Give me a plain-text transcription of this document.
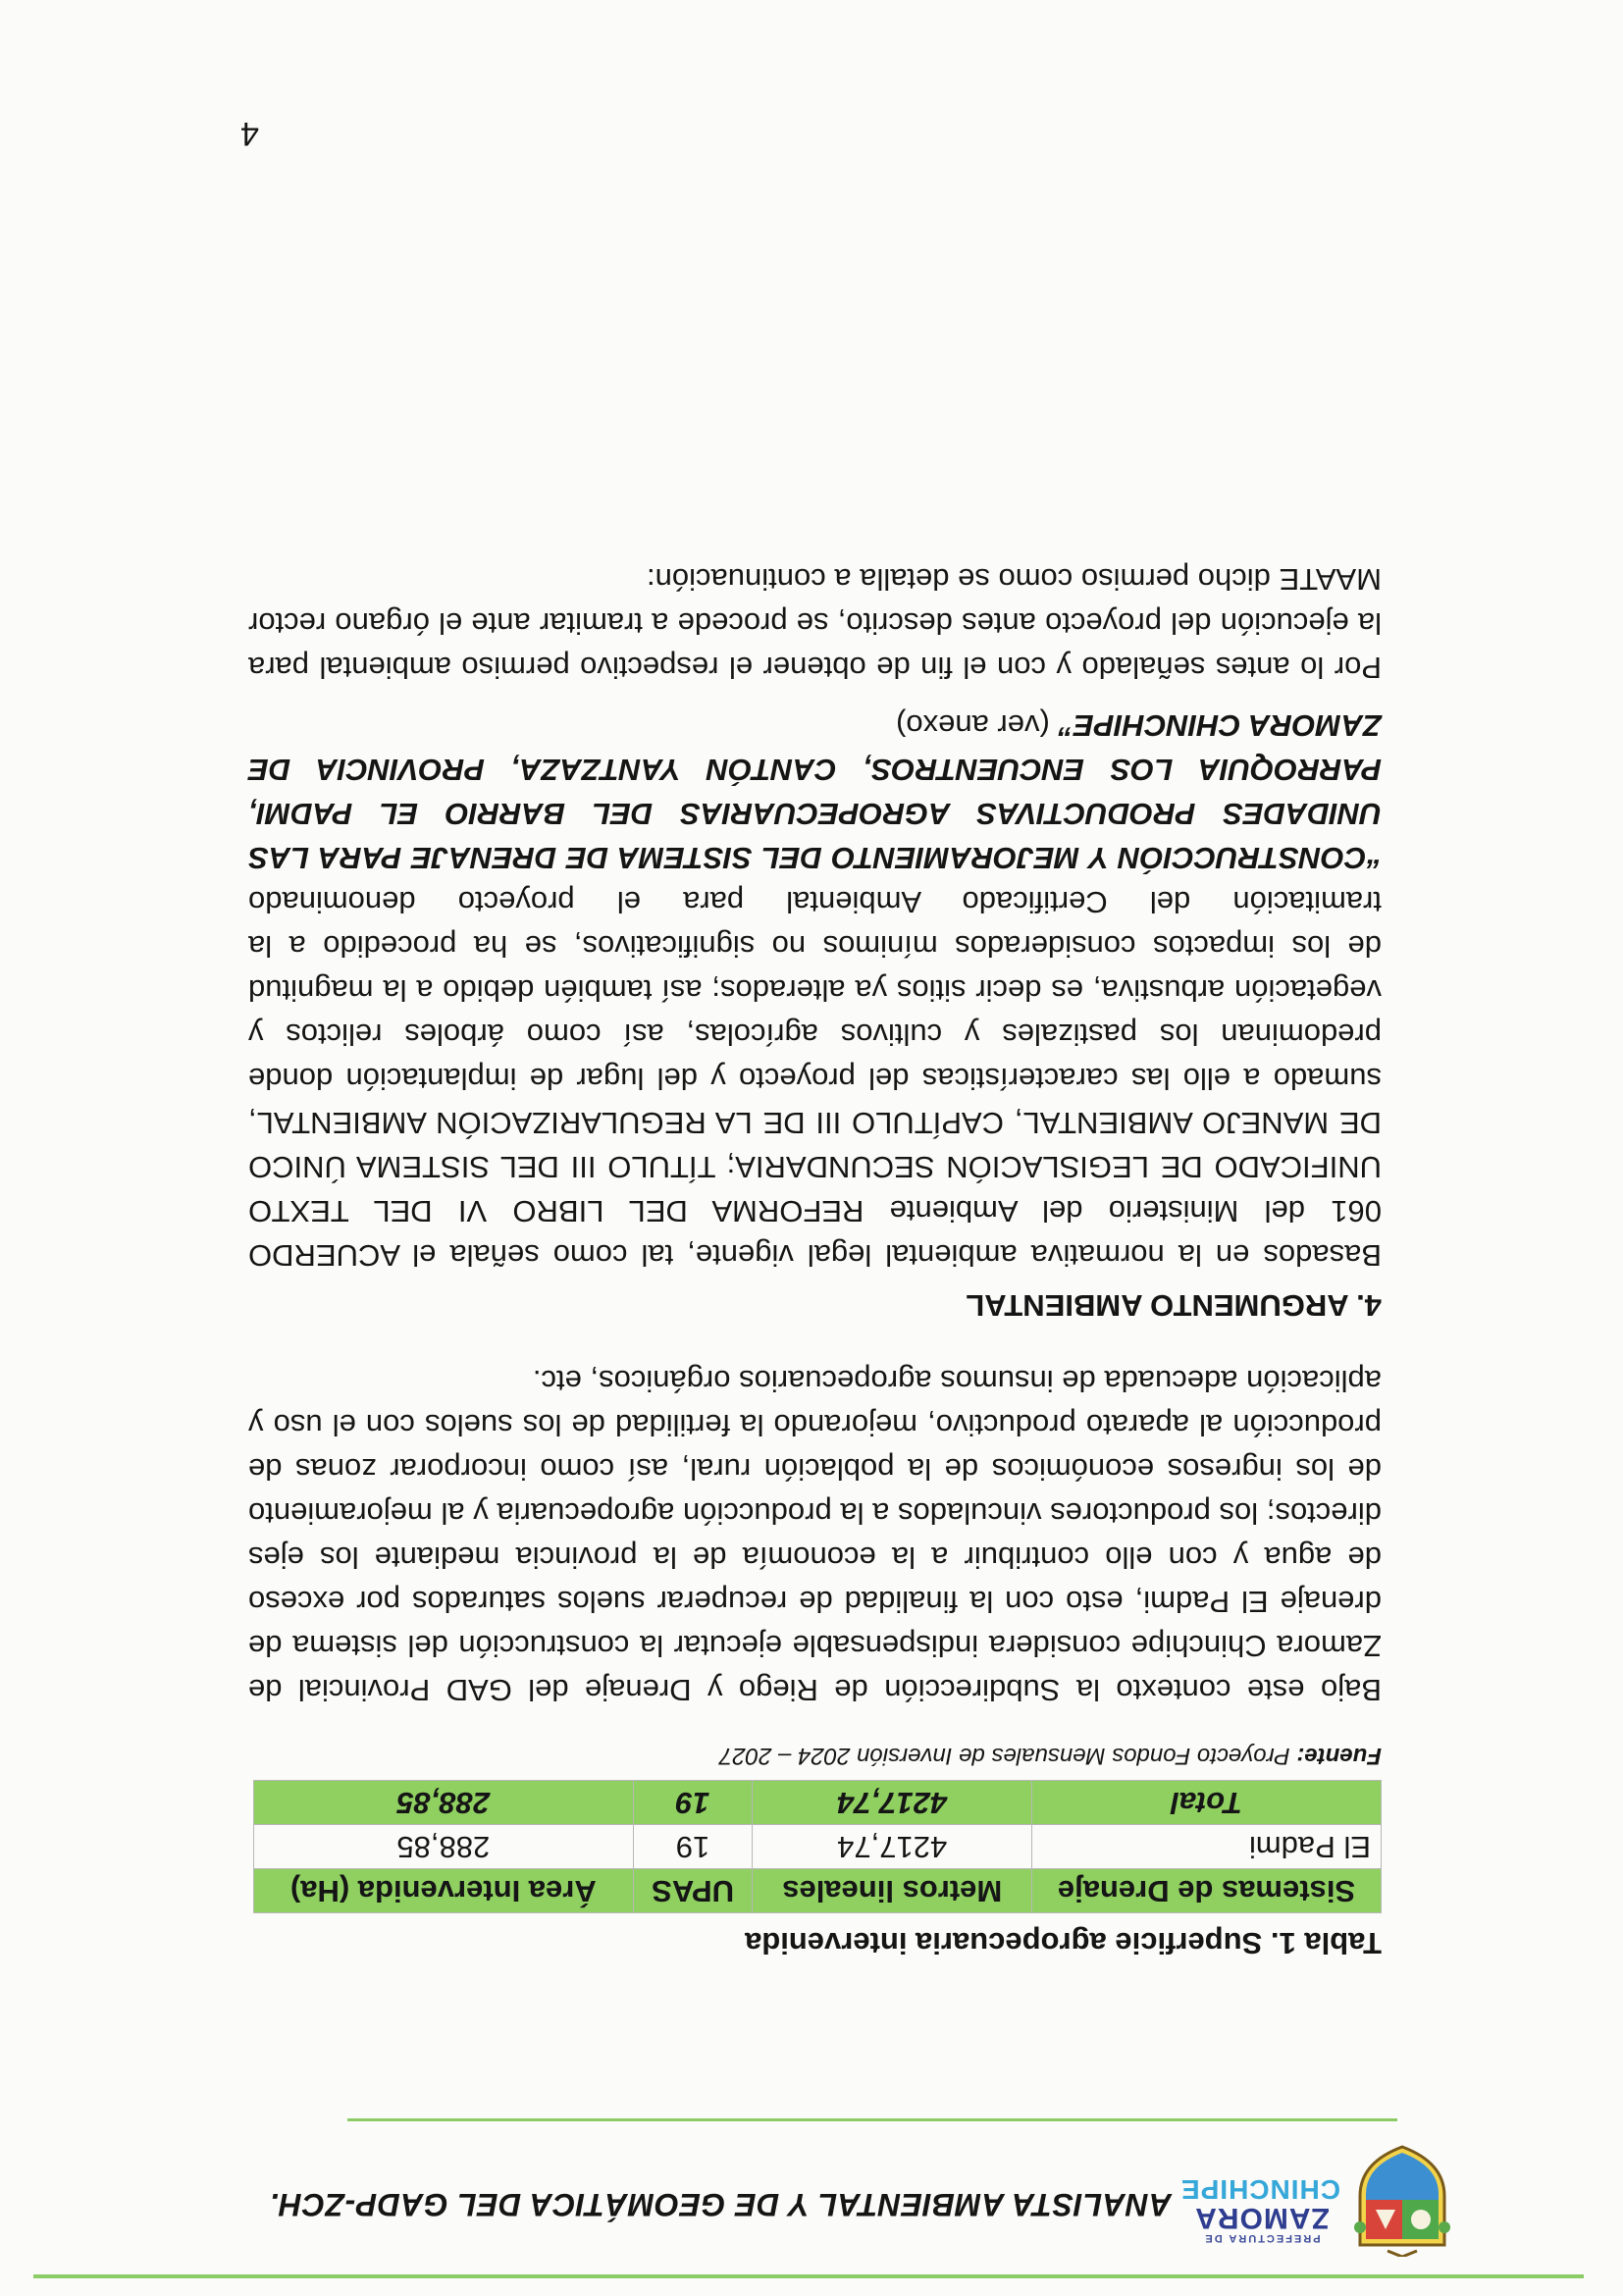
PREFECTURA DE
ZAMORA
CHINCHIPE
ANALISTA AMBIENTAL Y DE GEOMÁTICA DEL GADP-ZCH.
Tabla 1. Superficie agropecuaria intervenida
Sistemas de Drenaje	Metros lineales	UPAS	Área Intervenida (Ha)
El Padmi	4217,74	19	288,85
Total	4217,74	19	288,85
Fuente: Proyecto Fondos Mensuales de Inversión 2024 – 2027

Bajo este contexto la Subdirección de Riego y Drenaje del GAD Provincial de Zamora Chinchipe considera indispensable ejecutar la construcción del sistema de drenaje El Padmi, esto con la finalidad de recuperar suelos saturados por exceso de agua y con ello contribuir a la economía de la provincia mediante los ejes directos; los productores vinculados a la producción agropecuaria y al mejoramiento de los ingresos económicos de la población rural, así como incorporar zonas de producción al aparato productivo, mejorando la fertilidad de los suelos con el uso y aplicación adecuada de insumos agropecuarios orgánicos, etc.

4. ARGUMENTO AMBIENTAL

Basados en la normativa ambiental legal vigente, tal como señala el ACUERDO 061 del Ministerio del Ambiente REFORMA DEL LIBRO VI DEL TEXTO UNIFICADO DE LEGISLACIÓN SECUNDARIA; TÍTULO III DEL SISTEMA ÚNICO DE MANEJO AMBIENTAL, CAPÍTULO III DE LA REGULARIZACIÓN AMBIENTAL, sumado a ello las características del proyecto y del lugar de implantación donde predominan los pastizales y cultivos agrícolas, así como árboles relictos y vegetación arbustiva, es decir sitios ya alterados; así también debido a la magnitud de los impactos considerados mínimos no significativos, se ha procedido a la tramitación del Certificado Ambiental para el proyecto denominado “CONSTRUCCIÓN Y MEJORAMIENTO DEL SISTEMA DE DRENAJE PARA LAS UNIDADES PRODUCTIVAS AGROPECUARIAS DEL BARRIO EL PADMI, PARROQUIA LOS ENCUENTROS, CANTÓN YANTZAZA, PROVINCIA DE ZAMORA CHINCHIPE” (ver anexo)

Por lo antes señalado y con el fin de obtener el respectivo permiso ambiental para la ejecución del proyecto antes descrito, se procede a tramitar ante el órgano rector MAATE dicho permiso como se detalla a continuación:

4
